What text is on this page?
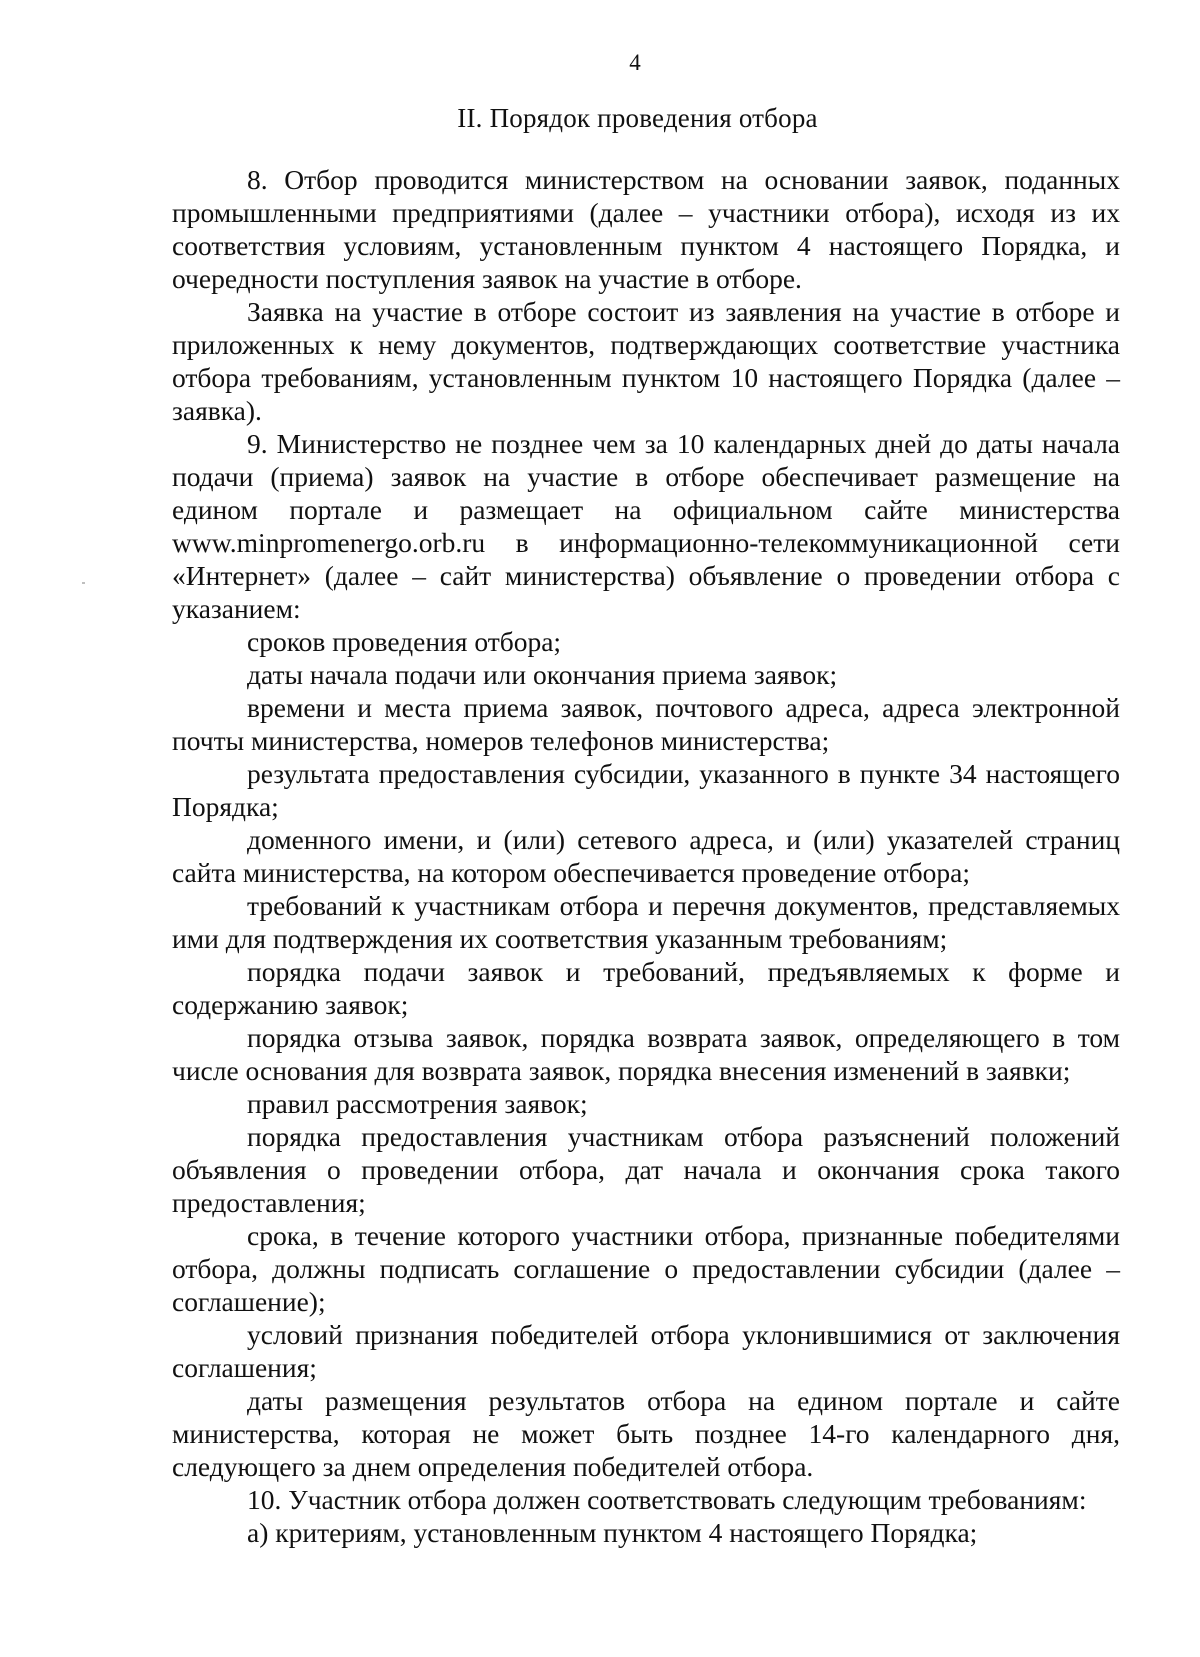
4
II. Порядок проведения отбора

8. Отбор проводится министерством на основании заявок, поданных промышленными предприятиями (далее – участники отбора), исходя из их соответствия условиям, установленным пунктом 4 настоящего Порядка, и очередности поступления заявок на участие в отборе.

Заявка на участие в отборе состоит из заявления на участие в отборе и приложенных к нему документов, подтверждающих соответствие участника отбора требованиям, установленным пунктом 10 настоящего Порядка (далее – заявка).

9. Министерство не позднее чем за 10 календарных дней до даты начала подачи (приема) заявок на участие в отборе обеспечивает размещение на едином портале и размещает на официальном сайте министерства www.minpromenergo.orb.ru в информационно-телекоммуникационной сети «Интернет» (далее – сайт министерства) объявление о проведении отбора с указанием:

сроков проведения отбора;

даты начала подачи или окончания приема заявок;

времени и места приема заявок, почтового адреса, адреса электронной почты министерства, номеров телефонов министерства;

результата предоставления субсидии, указанного в пункте 34 настоящего Порядка;

доменного имени, и (или) сетевого адреса, и (или) указателей страниц сайта министерства, на котором обеспечивается проведение отбора;

требований к участникам отбора и перечня документов, представляемых ими для подтверждения их соответствия указанным требованиям;

порядка подачи заявок и требований, предъявляемых к форме и содержанию заявок;

порядка отзыва заявок, порядка возврата заявок, определяющего в том числе основания для возврата заявок, порядка внесения изменений в заявки;

правил рассмотрения заявок;

порядка предоставления участникам отбора разъяснений положений объявления о проведении отбора, дат начала и окончания срока такого предоставления;

срока, в течение которого участники отбора, признанные победителями отбора, должны подписать соглашение о предоставлении субсидии (далее – соглашение);

условий признания победителей отбора уклонившимися от заключения соглашения;

даты размещения результатов отбора на едином портале и сайте министерства, которая не может быть позднее 14-го календарного дня, следующего за днем определения победителей отбора.

10. Участник отбора должен соответствовать следующим требованиям:

а) критериям, установленным пунктом 4 настоящего Порядка;
